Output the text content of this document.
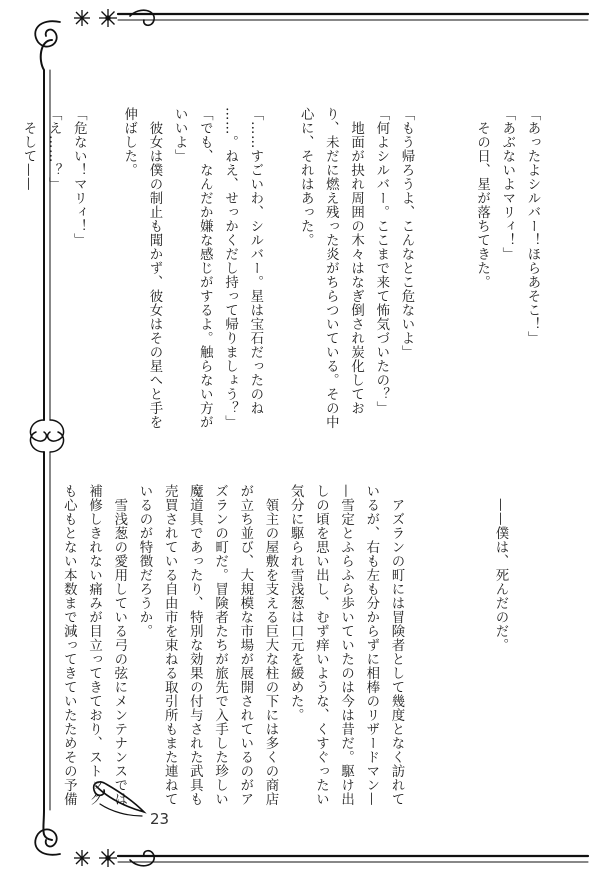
「あったよシルバー！ほらあそこ！」
「あぶないよマリィ！」
　その日、星が落ちてきた。

「もう帰ろうよ、こんなとこ危ないよ」
「何よシルバー。ここまで来て怖気づいたの？」
　地面が抉れ周囲の木々はなぎ倒され炭化してお
り、未だに燃え残った炎がちらついている。その中
心に、それはあった。

「……すごいわ、シルバー。星は宝石だったのね
……。ねえ、せっかくだし持って帰りましょう？」
「でも、なんだか嫌な感じがするよ。触らない方が
いいよ」
　彼女は僕の制止も聞かず、彼女はその星へと手を
伸ばした。

「危ない！マリィ！」
「え……？」
　そして——
　——僕は、死んだのだ。
　アズランの町には冒険者として幾度となく訪れて
いるが、右も左も分からずに相棒のリザードマン—
—雪定とふらふら歩いていたのは今は昔だ。駆け出
しの頃を思い出し、むず痒いような、くすぐったい
気分に駆られ雪浅葱は口元を緩めた。
　領主の屋敷を支える巨大な柱の下には多くの商店
が立ち並び、大規模な市場が展開されているのがア
ズランの町だ。冒険者たちが旅先で入手した珍しい
魔道具であったり、特別な効果の付与された武具も
売買されている自由市を束ねる取引所もまた連ねて
いるのが特徴だろうか。
　雪浅葱の愛用している弓の弦にメンテナンスでは
補修しきれない痛みが目立ってきており、ストック
も心もとない本数まで減ってきていたためその予備
23
